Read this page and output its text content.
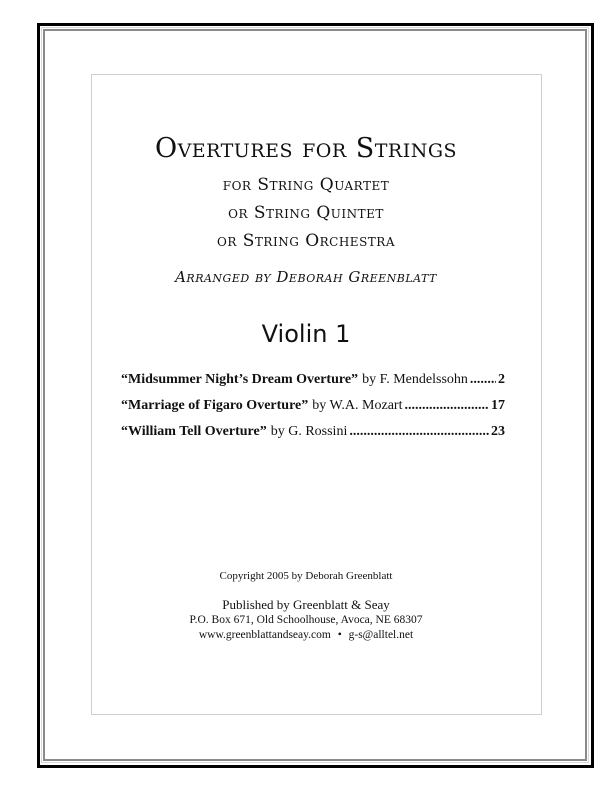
Overtures for Strings
for String Quartet
or String Quintet
or String Orchestra
Arranged by Deborah Greenblatt
Violin 1
“Midsummer Night’s Dream Overture” by F. Mendelssohn ..... 2
“Marriage of Figaro Overture” by W.A. Mozart .....	17
“William Tell Overture” by G. Rossini .....	23
Copyright 2005 by Deborah Greenblatt
Published by Greenblatt & Seay
P.O. Box 671, Old Schoolhouse, Avoca, NE 68307
www.greenblattandseay.com • g-s@alltel.net
